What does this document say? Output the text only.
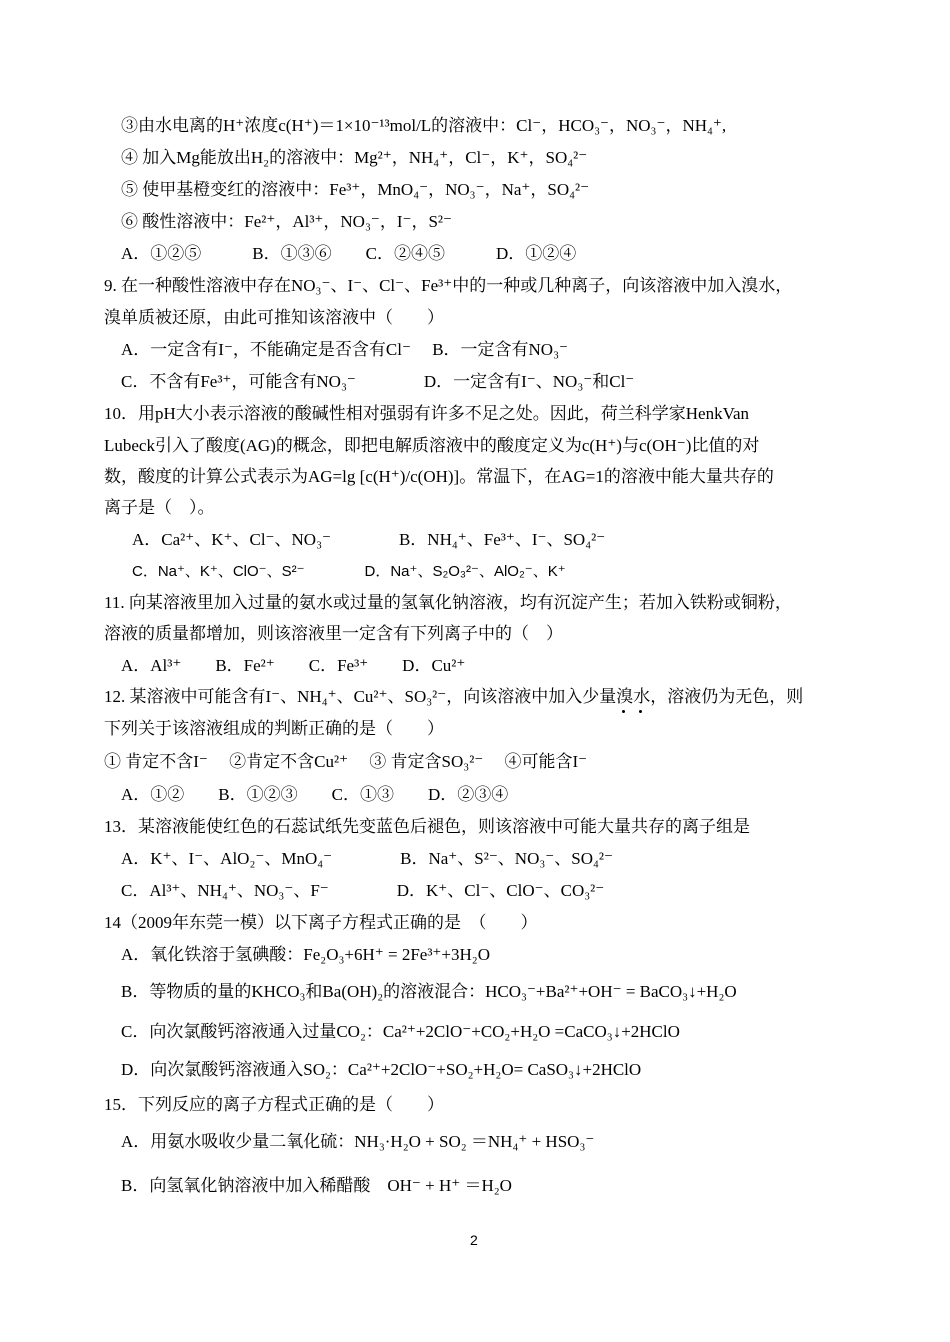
③由水电离的H⁺浓度c(H⁺)＝1×10⁻¹³mol/L的溶液中：Cl⁻，HCO₃⁻，NO₃⁻，NH₄⁺,
④ 加入Mg能放出H₂的溶液中：Mg²⁺，NH₄⁺，Cl⁻，K⁺，SO₄²⁻
⑤ 使甲基橙变红的溶液中：Fe³⁺，MnO₄⁻，NO₃⁻，Na⁺，SO₄²⁻
⑥ 酸性溶液中：Fe²⁺，Al³⁺，NO₃⁻，I⁻，S²⁻
A．①②⑤　　　B．①③⑥　　C．②④⑤　　　D．①②④
9. 在一种酸性溶液中存在NO₃⁻、I⁻、Cl⁻、Fe³⁺中的一种或几种离子，向该溶液中加入溴水，
溴单质被还原，由此可推知该溶液中（　　）
A．一定含有I⁻，不能确定是否含有Cl⁻　 B．一定含有NO₃⁻
C．不含有Fe³⁺，可能含有NO₃⁻　　　　D．一定含有I⁻、NO₃⁻和Cl⁻
10．用pH大小表示溶液的酸碱性相对强弱有许多不足之处。因此，荷兰科学家HenkVan
Lubeck引入了酸度(AG)的概念，即把电解质溶液中的酸度定义为c(H⁺)与c(OH⁻)比值的对
数，酸度的计算公式表示为AG=lg [c(H⁺)/c(OH)]。常温下，在AG=1的溶液中能大量共存的
离子是（　）。
A．Ca²⁺、K⁺、Cl⁻、NO₃⁻　　　　B．NH₄⁺、Fe³⁺、I⁻、SO₄²⁻
C．Na⁺、K⁺、ClO⁻、S²⁻　　　　D．Na⁺、S₂O₃²⁻、AlO₂⁻、K⁺
11. 向某溶液里加入过量的氨水或过量的氢氧化钠溶液，均有沉淀产生；若加入铁粉或铜粉，
溶液的质量都增加，则该溶液里一定含有下列离子中的（　）
A．Al³⁺　　B．Fe²⁺　　C．Fe³⁺　　D．Cu²⁺
12. 某溶液中可能含有I⁻、NH₄⁺、Cu²⁺、SO₃²⁻，向该溶液中加入少量溴水，溶液仍为无色，则
下列关于该溶液组成的判断正确的是（　　）
① 肯定不含I⁻　 ②肯定不含Cu²⁺　 ③ 肯定含SO₃²⁻　 ④可能含I⁻
A．①②　　B．①②③　　C．①③　　D．②③④
13．某溶液能使红色的石蕊试纸先变蓝色后褪色，则该溶液中可能大量共存的离子组是
A．K⁺、I⁻、AlO₂⁻、MnO₄⁻　　　　B．Na⁺、S²⁻、NO₃⁻、SO₄²⁻
C．Al³⁺、NH₄⁺、NO₃⁻、F⁻　　　　D．K⁺、Cl⁻、ClO⁻、CO₃²⁻
14（2009年东莞一模）以下离子方程式正确的是　（　　）
A．氧化铁溶于氢碘酸：Fe₂O₃+6H⁺ = 2Fe³⁺+3H₂O
B．等物质的量的KHCO₃和Ba(OH)₂的溶液混合：HCO₃⁻+Ba²⁺+OH⁻ = BaCO₃↓+H₂O
C．向次氯酸钙溶液通入过量CO₂：Ca²⁺+2ClO⁻+CO₂+H₂O =CaCO₃↓+2HClO
D．向次氯酸钙溶液通入SO₂：Ca²⁺+2ClO⁻+SO₂+H₂O= CaSO₃↓+2HClO
15．下列反应的离子方程式正确的是（　　）
A．用氨水吸收少量二氧化硫：NH₃·H₂O + SO₂ ＝NH₄⁺ + HSO₃⁻
B．向氢氧化钠溶液中加入稀醋酸　OH⁻ + H⁺ ＝H₂O
2
